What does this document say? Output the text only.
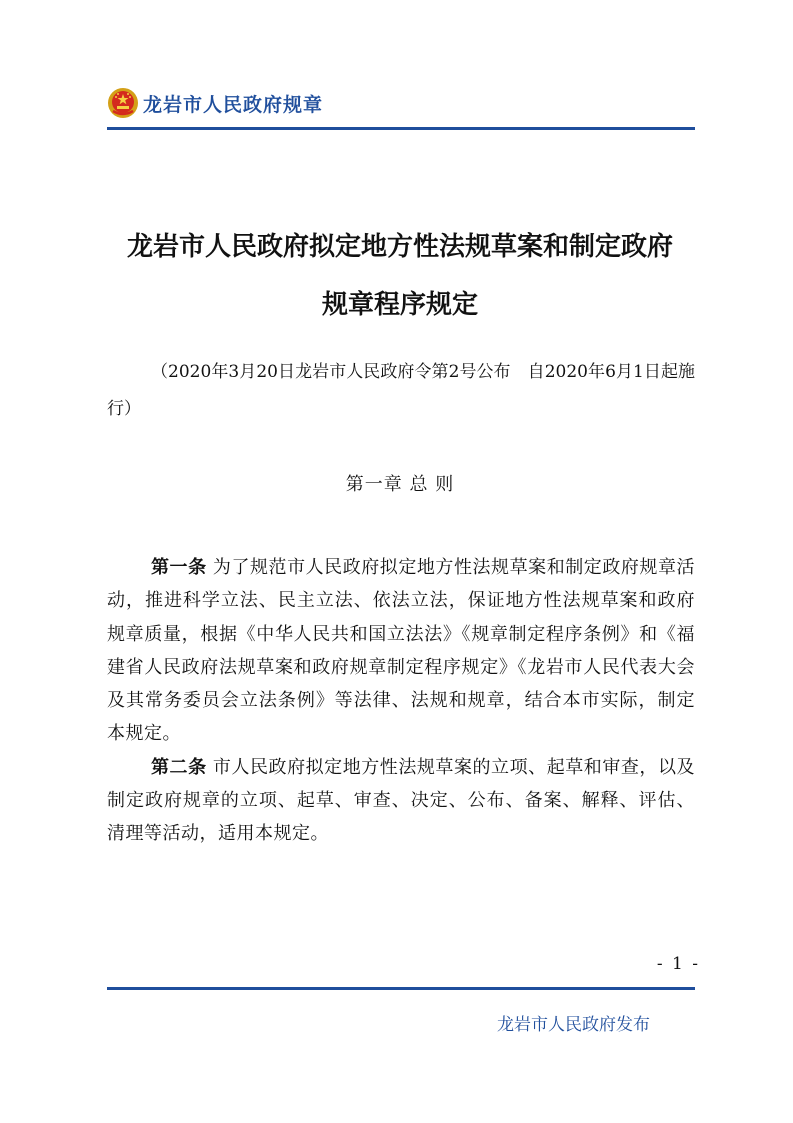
龙岩市人民政府规章
龙岩市人民政府拟定地方性法规草案和制定政府
规章程序规定
（2020年3月20日龙岩市人民政府令第2号公布　自2020年6月1日起施行）
第一章 总 则

第一条 为了规范市人民政府拟定地方性法规草案和制定政府规章活动，推进科学立法、民主立法、依法立法，保证地方性法规草案和政府规章质量，根据《中华人民共和国立法法》《规章制定程序条例》和《福建省人民政府法规草案和政府规章制定程序规定》《龙岩市人民代表大会及其常务委员会立法条例》等法律、法规和规章，结合本市实际，制定本规定。

第二条 市人民政府拟定地方性法规草案的立项、起草和审查，以及制定政府规章的立项、起草、审查、决定、公布、备案、解释、评估、清理等活动，适用本规定。

- 1 -
龙岩市人民政府发布
